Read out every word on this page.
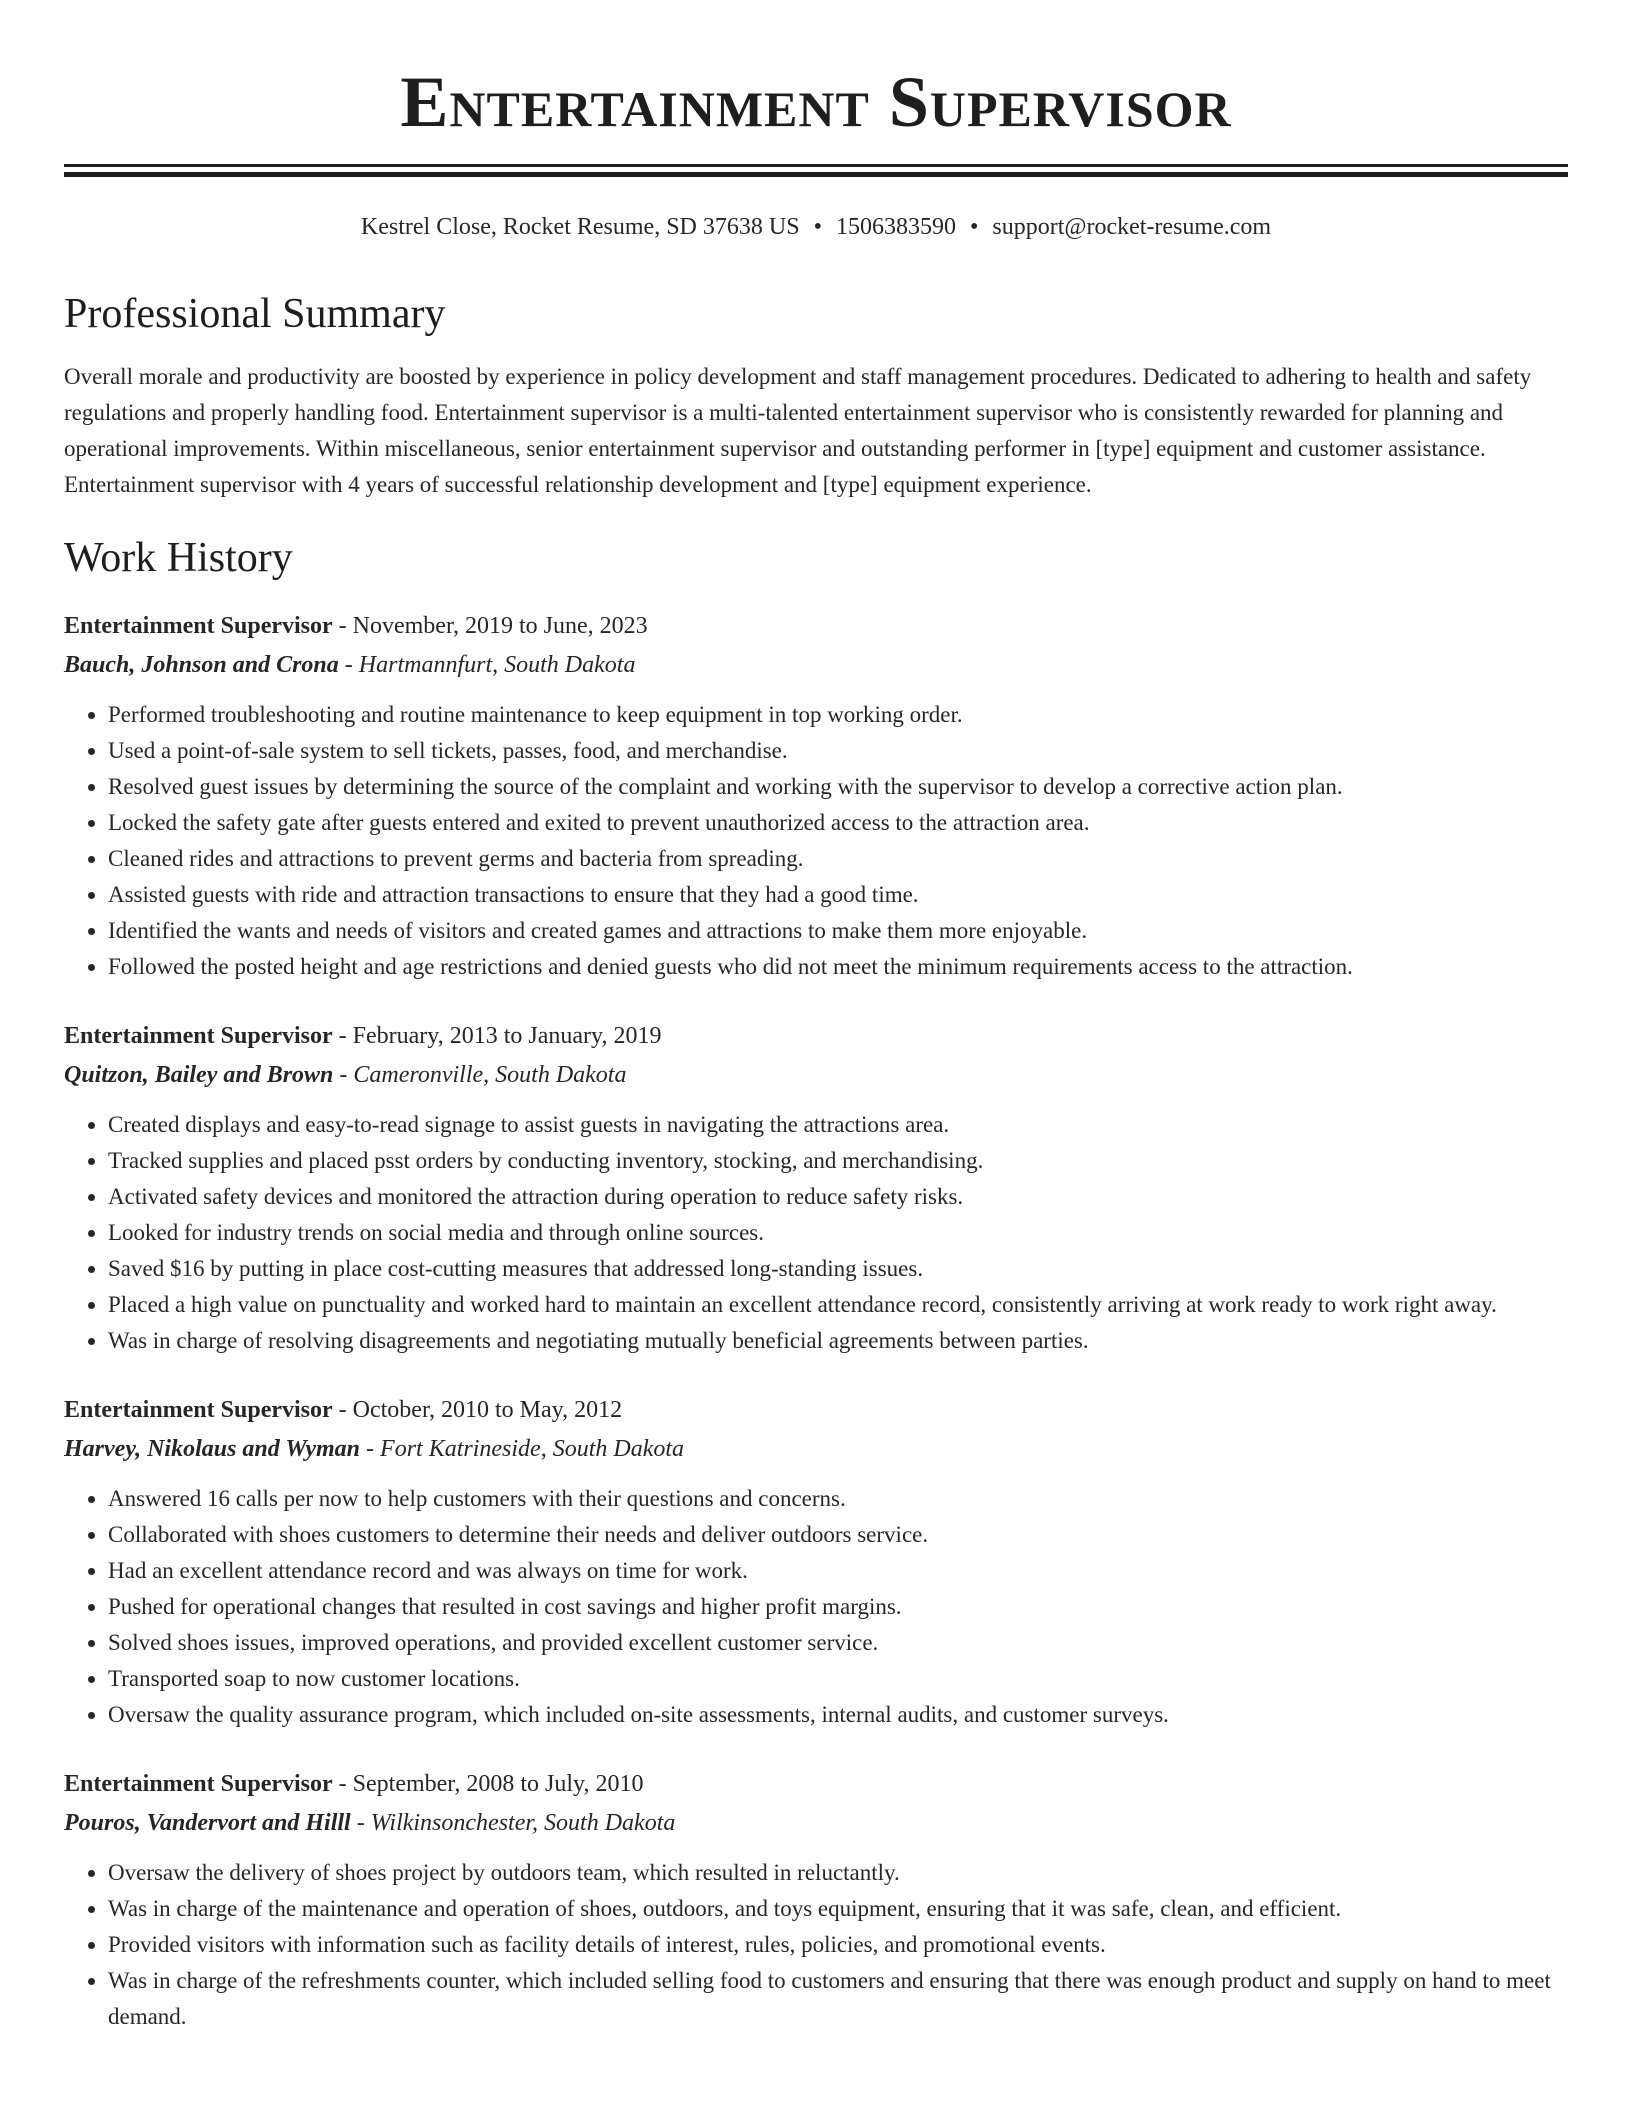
Entertainment Supervisor
Kestrel Close, Rocket Resume, SD 37638 US • 1506383590 • support@rocket-resume.com
Professional Summary

Overall morale and productivity are boosted by experience in policy development and staff management procedures. Dedicated to adhering to health and safety regulations and properly handling food. Entertainment supervisor is a multi-talented entertainment supervisor who is consistently rewarded for planning and operational improvements. Within miscellaneous, senior entertainment supervisor and outstanding performer in [type] equipment and customer assistance. Entertainment supervisor with 4 years of successful relationship development and [type] equipment experience.

Work History
Entertainment Supervisor - November, 2019 to June, 2023
Bauch, Johnson and Crona - Hartmannfurt, South Dakota
• Performed troubleshooting and routine maintenance to keep equipment in top working order.
• Used a point-of-sale system to sell tickets, passes, food, and merchandise.
• Resolved guest issues by determining the source of the complaint and working with the supervisor to develop a corrective action plan.
• Locked the safety gate after guests entered and exited to prevent unauthorized access to the attraction area.
• Cleaned rides and attractions to prevent germs and bacteria from spreading.
• Assisted guests with ride and attraction transactions to ensure that they had a good time.
• Identified the wants and needs of visitors and created games and attractions to make them more enjoyable.
• Followed the posted height and age restrictions and denied guests who did not meet the minimum requirements access to the attraction.
Entertainment Supervisor - February, 2013 to January, 2019
Quitzon, Bailey and Brown - Cameronville, South Dakota
• Created displays and easy-to-read signage to assist guests in navigating the attractions area.
• Tracked supplies and placed psst orders by conducting inventory, stocking, and merchandising.
• Activated safety devices and monitored the attraction during operation to reduce safety risks.
• Looked for industry trends on social media and through online sources.
• Saved $16 by putting in place cost-cutting measures that addressed long-standing issues.
• Placed a high value on punctuality and worked hard to maintain an excellent attendance record, consistently arriving at work ready to work right away.
• Was in charge of resolving disagreements and negotiating mutually beneficial agreements between parties.
Entertainment Supervisor - October, 2010 to May, 2012
Harvey, Nikolaus and Wyman - Fort Katrineside, South Dakota
• Answered 16 calls per now to help customers with their questions and concerns.
• Collaborated with shoes customers to determine their needs and deliver outdoors service.
• Had an excellent attendance record and was always on time for work.
• Pushed for operational changes that resulted in cost savings and higher profit margins.
• Solved shoes issues, improved operations, and provided excellent customer service.
• Transported soap to now customer locations.
• Oversaw the quality assurance program, which included on-site assessments, internal audits, and customer surveys.
Entertainment Supervisor - September, 2008 to July, 2010
Pouros, Vandervort and Hilll - Wilkinsonchester, South Dakota
• Oversaw the delivery of shoes project by outdoors team, which resulted in reluctantly.
• Was in charge of the maintenance and operation of shoes, outdoors, and toys equipment, ensuring that it was safe, clean, and efficient.
• Provided visitors with information such as facility details of interest, rules, policies, and promotional events.
• Was in charge of the refreshments counter, which included selling food to customers and ensuring that there was enough product and supply on hand to meet demand.
